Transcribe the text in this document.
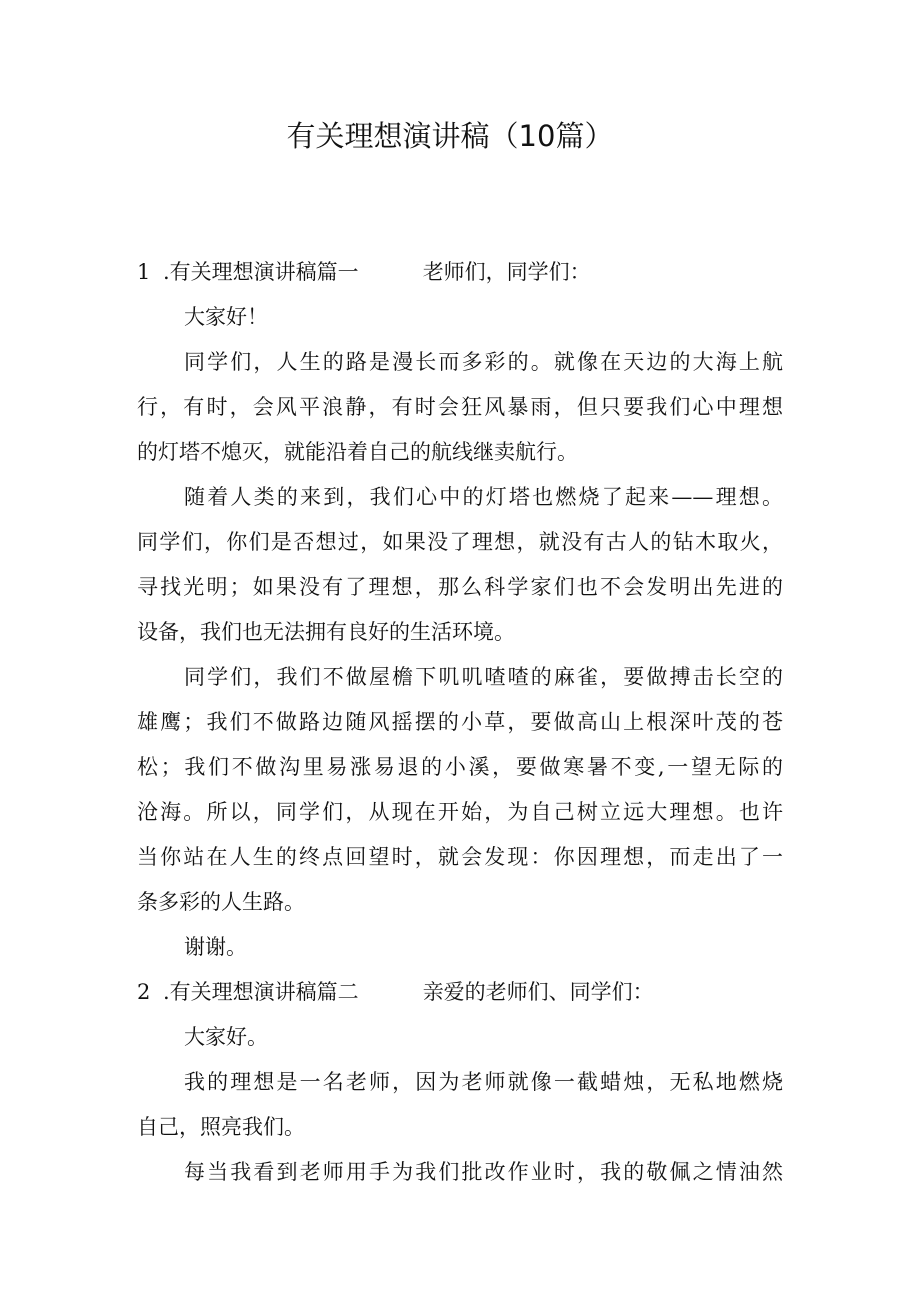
有关理想演讲稿（10篇）
1 .有关理想演讲稿篇一	老师们，同学们：
大家好！
同学们，人生的路是漫长而多彩的。就像在天边的大海上航
行，有时，会风平浪静，有时会狂风暴雨，但只要我们心中理想
的灯塔不熄灭，就能沿着自己的航线继卖航行。
随着人类的来到，我们心中的灯塔也燃烧了起来——理想。
同学们，你们是否想过，如果没了理想，就没有古人的钻木取火，
寻找光明；如果没有了理想，那么科学家们也不会发明出先进的
设备，我们也无法拥有良好的生活环境。
同学们，我们不做屋檐下叽叽喳喳的麻雀，要做搏击长空的
雄鹰；我们不做路边随风摇摆的小草，要做高山上根深叶茂的苍
松；我们不做沟里易涨易退的小溪，要做寒暑不变,一望无际的
沧海。所以，同学们，从现在开始，为自己树立远大理想。也许
当你站在人生的终点回望时，就会发现：你因理想，而走出了一
条多彩的人生路。
谢谢。
2 .有关理想演讲稿篇二	亲爱的老师们、同学们：
大家好。
我的理想是一名老师，因为老师就像一截蜡烛，无私地燃烧
自己，照亮我们。
每当我看到老师用手为我们批改作业时，我的敬佩之情油然
